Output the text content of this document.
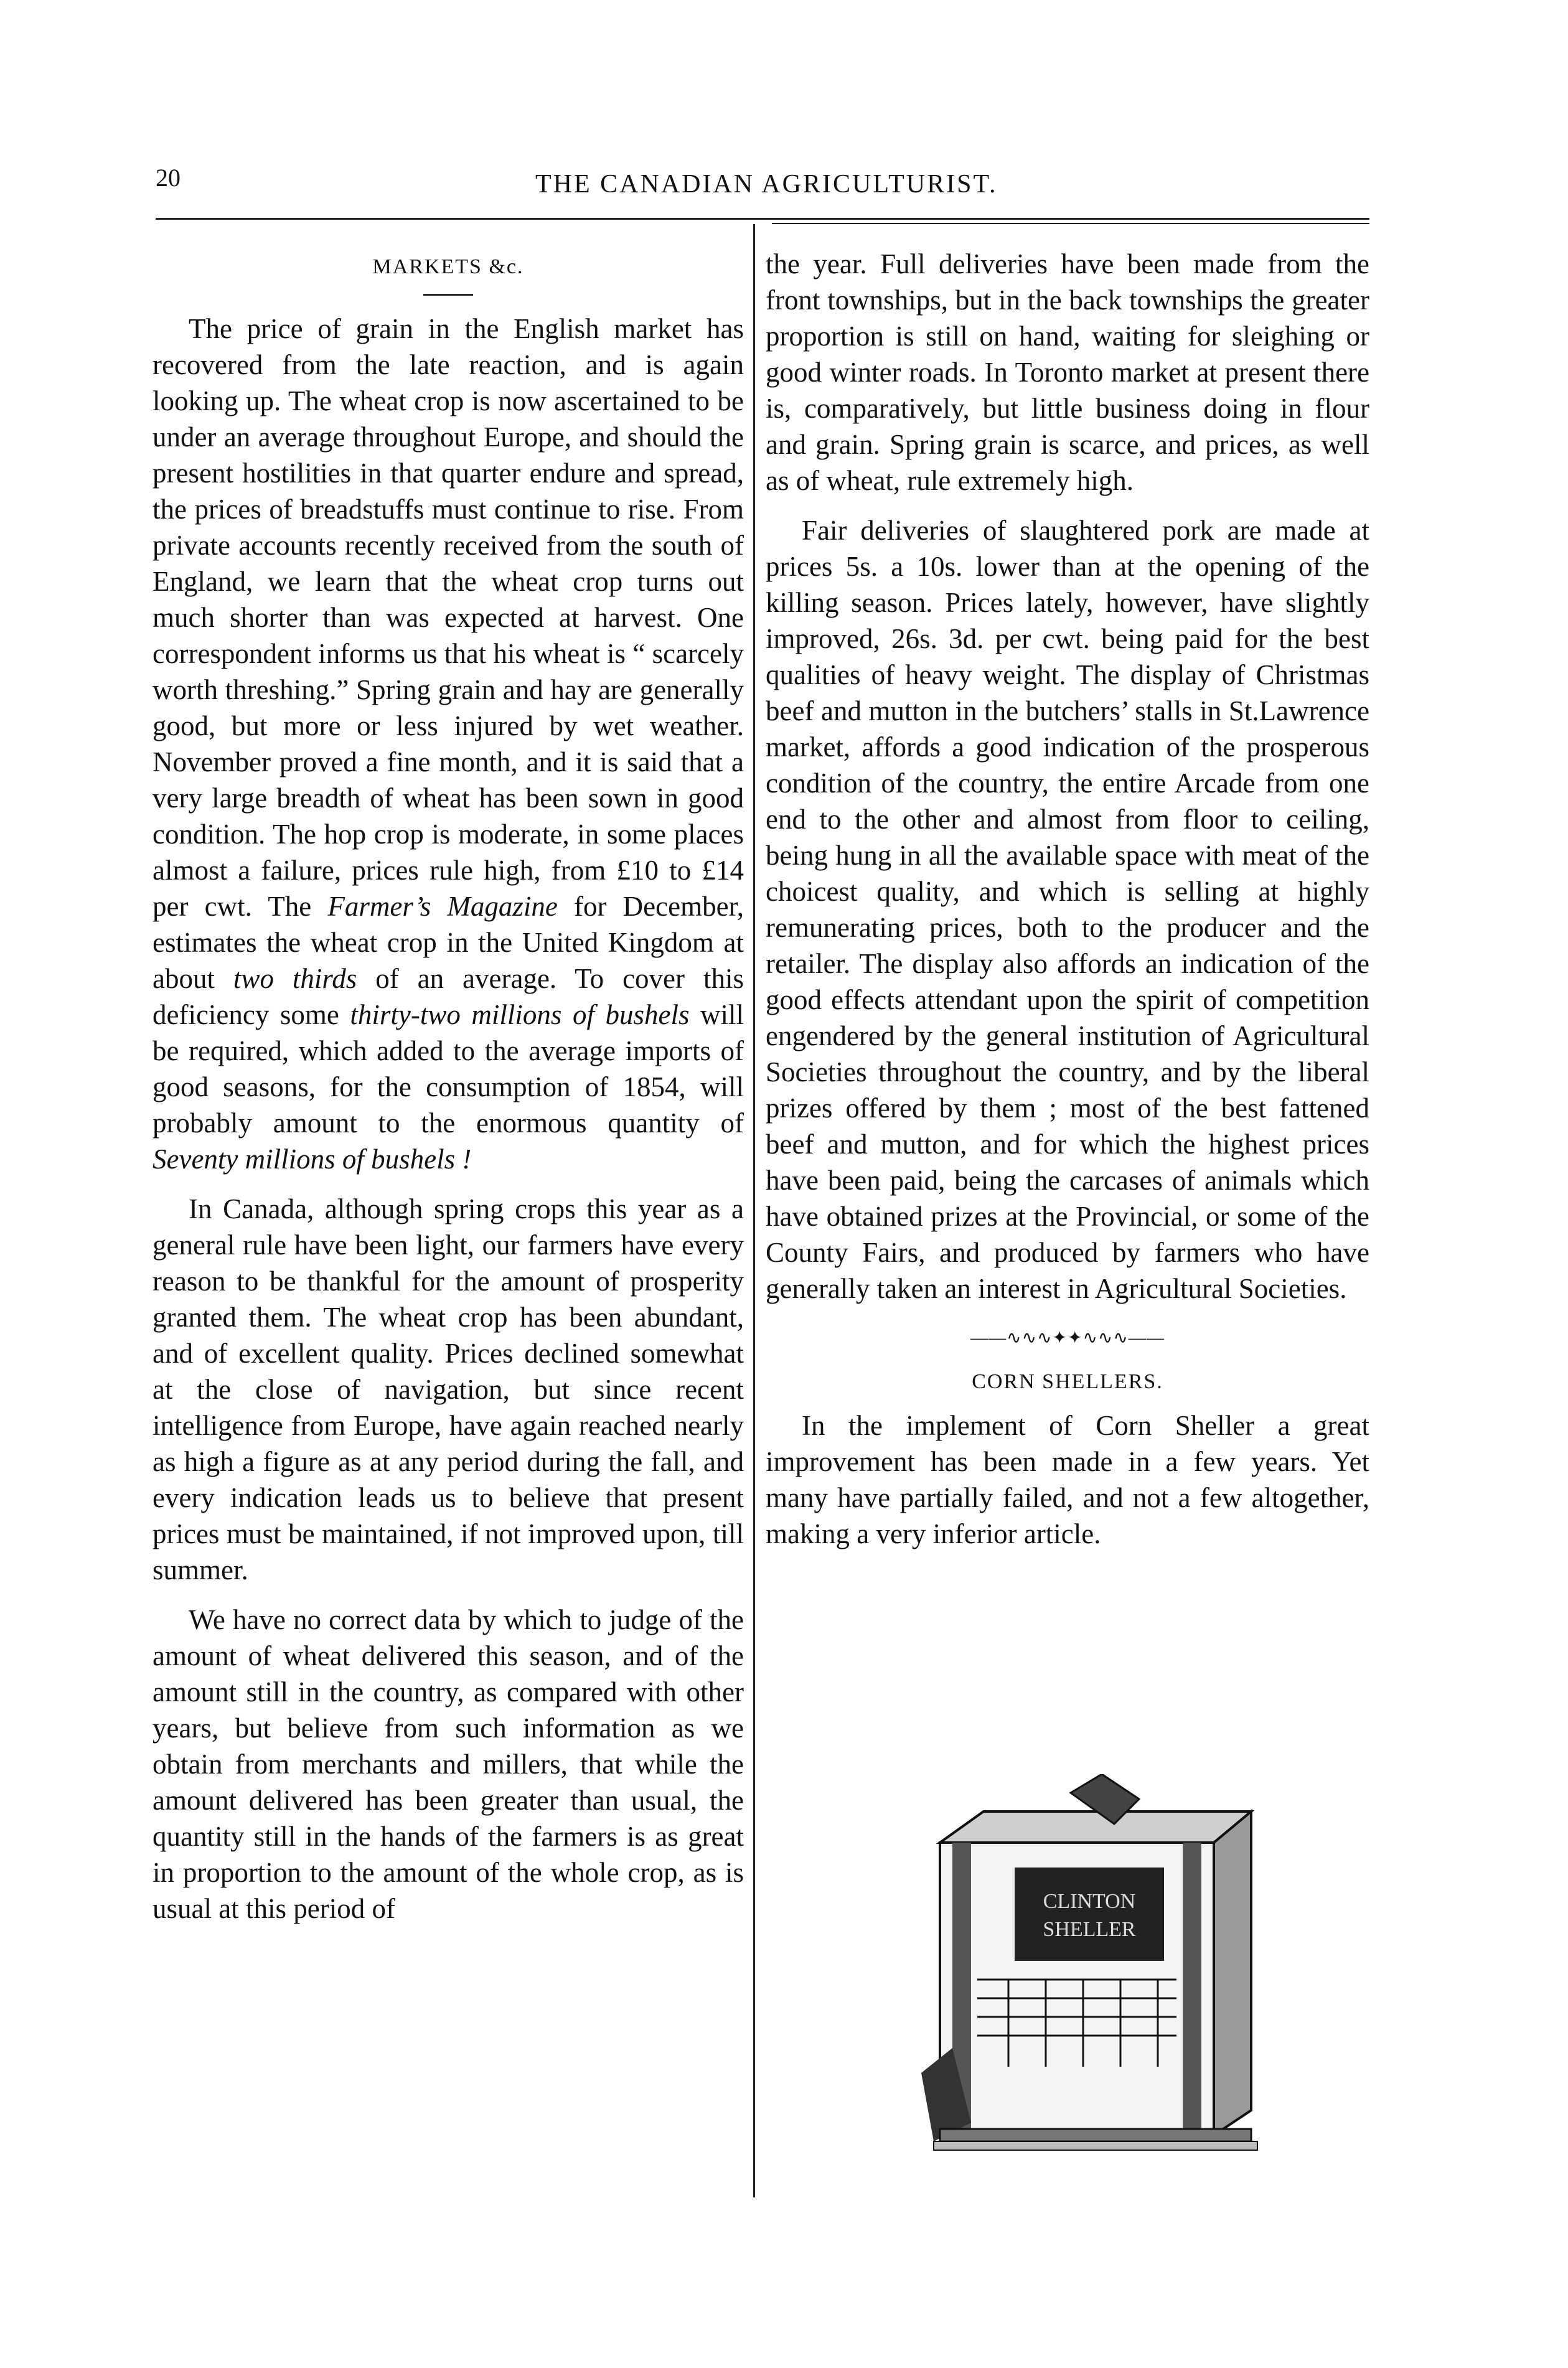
20	THE CANADIAN AGRICULTURIST.
MARKETS &c.

The price of grain in the English market has recovered from the late reaction, and is again looking up. The wheat crop is now ascertained to be under an average throughout Europe, and should the present hostilities in that quarter endure and spread, the prices of breadstuffs must continue to rise. From private accounts recently received from the south of England, we learn that the wheat crop turns out much shorter than was expected at harvest. One correspondent informs us that his wheat is “ scarcely worth threshing.” Spring grain and hay are generally good, but more or less injured by wet weather. November proved a fine month, and it is said that a very large breadth of wheat has been sown in good condition. The hop crop is moderate, in some places almost a failure, prices rule high, from £10 to £14 per cwt. The Farmer’s Magazine for December, estimates the wheat crop in the United Kingdom at about two thirds of an average. To cover this deficiency some thirty-two millions of bushels will be required, which added to the average imports of good seasons, for the consumption of 1854, will probably amount to the enormous quantity of Seventy millions of bushels !

In Canada, although spring crops this year as a general rule have been light, our farmers have every reason to be thankful for the amount of prosperity granted them. The wheat crop has been abundant, and of excellent quality. Prices declined somewhat at the close of navigation, but since recent intelligence from Europe, have again reached nearly as high a figure as at any period during the fall, and every indication leads us to believe that present prices must be maintained, if not improved upon, till summer.

We have no correct data by which to judge of the amount of wheat delivered this season, and of the amount still in the country, as compared with other years, but believe from such information as we obtain from merchants and millers, that while the amount delivered has been greater than usual, the quantity still in the hands of the farmers is as great in proportion to the amount of the whole crop, as is usual at this period of

the year. Full deliveries have been made from the front townships, but in the back townships the greater proportion is still on hand, waiting for sleighing or good winter roads. In Toronto market at present there is, comparatively, but little business doing in flour and grain. Spring grain is scarce, and prices, as well as of wheat, rule extremely high.

Fair deliveries of slaughtered pork are made at prices 5s. a 10s. lower than at the opening of the killing season. Prices lately, however, have slightly improved, 26s. 3d. per cwt. being paid for the best qualities of heavy weight. The display of Christmas beef and mutton in the butchers’ stalls in St.Lawrence market, affords a good indication of the prosperous condition of the country, the entire Arcade from one end to the other and almost from floor to ceiling, being hung in all the available space with meat of the choicest quality, and which is selling at highly remunerating prices, both to the producer and the retailer. The display also affords an indication of the good effects attendant upon the spirit of competition engendered by the general institution of Agricultural Societies throughout the country, and by the liberal prizes offered by them ; most of the best fattened beef and mutton, and for which the highest prices have been paid, being the carcases of animals which have obtained prizes at the Provincial, or some of the County Fairs, and produced by farmers who have generally taken an interest in Agricultural Societies.

——∿∿∿✦✦∿∿∿——
CORN SHELLERS.

In the implement of Corn Sheller a great improvement has been made in a few years. Yet many have partially failed, and not a few altogether, making a very inferior article.

CLINTON
SHELLER
